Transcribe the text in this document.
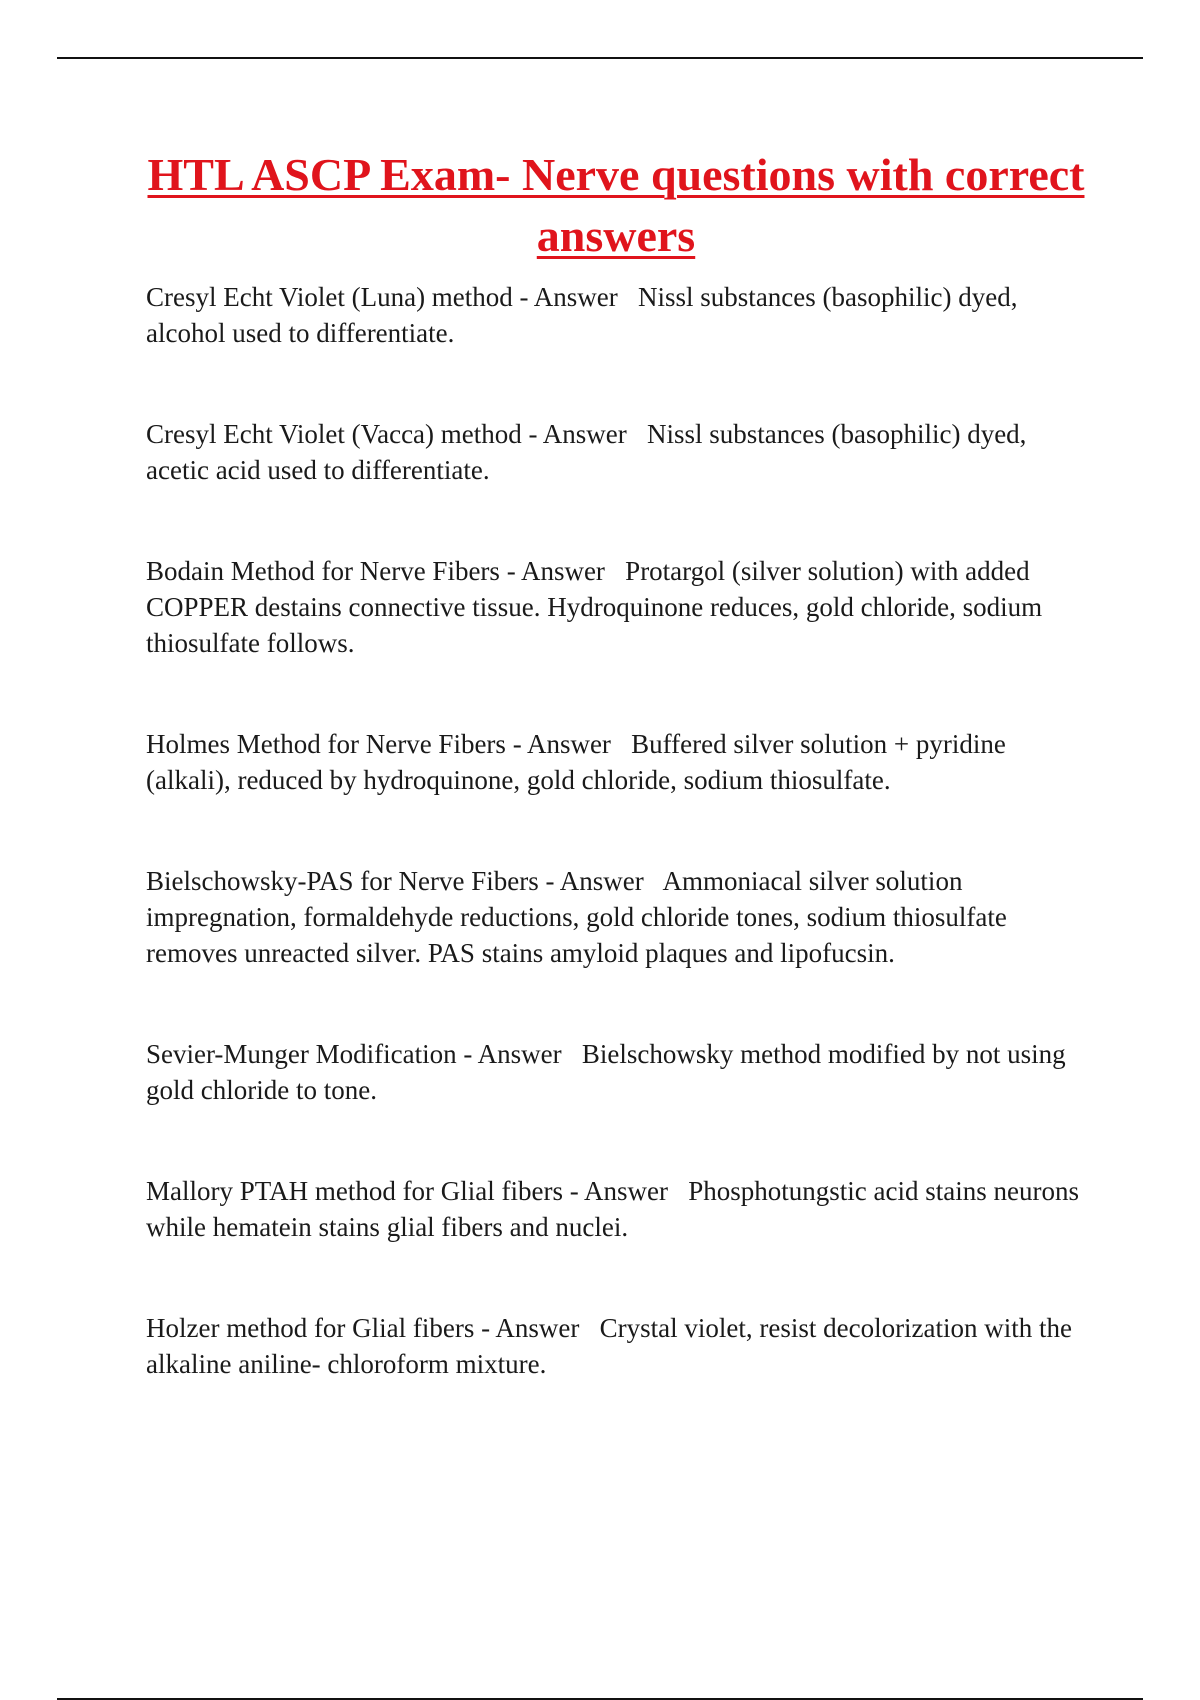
HTL ASCP Exam- Nerve questions with correct answers
Cresyl Echt Violet (Luna) method - Answer   Nissl substances (basophilic) dyed, alcohol used to differentiate.
Cresyl Echt Violet (Vacca) method - Answer   Nissl substances (basophilic) dyed, acetic acid used to differentiate.
Bodain Method for Nerve Fibers - Answer   Protargol (silver solution) with added COPPER destains connective tissue. Hydroquinone reduces, gold chloride, sodium thiosulfate follows.
Holmes Method for Nerve Fibers - Answer   Buffered silver solution + pyridine (alkali), reduced by hydroquinone, gold chloride, sodium thiosulfate.
Bielschowsky-PAS for Nerve Fibers - Answer   Ammoniacal silver solution impregnation, formaldehyde reductions, gold chloride tones, sodium thiosulfate removes unreacted silver. PAS stains amyloid plaques and lipofucsin.
Sevier-Munger Modification - Answer   Bielschowsky method modified by not using gold chloride to tone.
Mallory PTAH method for Glial fibers - Answer   Phosphotungstic acid stains neurons while hematein stains glial fibers and nuclei.
Holzer method for Glial fibers - Answer   Crystal violet, resist decolorization with the alkaline aniline- chloroform mixture.
